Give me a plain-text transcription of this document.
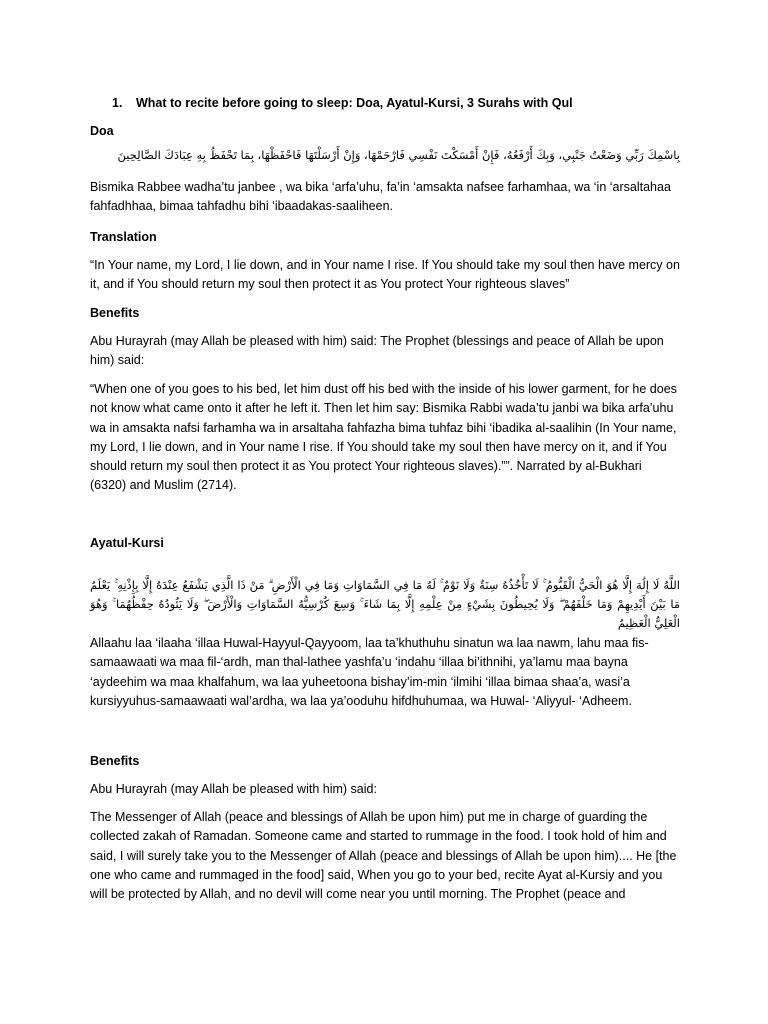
1. What to recite before going to sleep: Doa, Ayatul-Kursi, 3 Surahs with Qul

Doa

بِاسْمِكَ رَبِّي وَضَعْتُ جَنْبِي، وَبِكَ أَرْفَعُهُ، فَإِنْ أَمْسَكْتَ نَفْسِي فَارْحَمْهَا، وَإِنْ أَرْسَلْتَهَا فَاحْفَظْهَا، بِمَا تَحْفَظُ بِهِ عِبَادَكَ الصَّالِحِينَ

Bismika Rabbee wadha’tu janbee , wa bika ‘arfa’uhu, fa’in ‘amsakta nafsee farhamhaa, wa ‘in ‘arsaltahaa fahfadhhaa, bimaa tahfadhu bihi ‘ibaadakas-saaliheen.

Translation

“In Your name, my Lord, I lie down, and in Your name I rise. If You should take my soul then have mercy on it, and if You should return my soul then protect it as You protect Your righteous slaves”

Benefits

Abu Hurayrah (may Allah be pleased with him) said: The Prophet (blessings and peace of Allah be upon him) said:

“When one of you goes to his bed, let him dust off his bed with the inside of his lower garment, for he does not know what came onto it after he left it. Then let him say: Bismika Rabbi wada’tu janbi wa bika arfa’uhu wa in amsakta nafsi farhamha wa in arsaltaha fahfazha bima tuhfaz bihi ‘ibadika al-saalihin (In Your name, my Lord, I lie down, and in Your name I rise. If You should take my soul then have mercy on it, and if You should return my soul then protect it as You protect Your righteous slaves).””. Narrated by al-Bukhari (6320) and Muslim (2714).

Ayatul-Kursi

اللَّهُ لَا إِلَٰهَ إِلَّا هُوَ الْحَيُّ الْقَيُّومُ ۚ لَا تَأْخُذُهُ سِنَةٌ وَلَا نَوْمٌ ۚ لَهُ مَا فِي السَّمَاوَاتِ وَمَا فِي الْأَرْضِ ۗ مَنْ ذَا الَّذِي يَشْفَعُ عِنْدَهُ إِلَّا بِإِذْنِهِ ۚ يَعْلَمُ مَا بَيْنَ أَيْدِيهِمْ وَمَا خَلْفَهُمْ ۖ وَلَا يُحِيطُونَ بِشَيْءٍ مِنْ عِلْمِهِ إِلَّا بِمَا شَاءَ ۚ وَسِعَ كُرْسِيُّهُ السَّمَاوَاتِ وَالْأَرْضَ ۖ وَلَا يَئُودُهُ حِفْظُهُمَا ۚ وَهُوَ الْعَلِيُّ الْعَظِيمُ

Allaahu laa ‘ilaaha ‘illaa Huwal-Hayyul-Qayyoom, laa ta’khuthuhu sinatun wa laa nawm, lahu maa fis-samaawaati wa maa fil-‘ardh, man thal-lathee yashfa’u ‘indahu ‘illaa bi’ithnihi, ya’lamu maa bayna ‘aydeehim wa maa khalfahum, wa laa yuheetoona bishay’im-min ‘ilmihi ‘illaa bimaa shaa’a, wasi’a kursiyyuhus-samaawaati wal’ardha, wa laa ya’ooduhu hifdhuhumaa, wa Huwal- ‘Aliyyul- ‘Adheem.

Benefits

Abu Hurayrah (may Allah be pleased with him) said:

The Messenger of Allah (peace and blessings of Allah be upon him) put me in charge of guarding the collected zakah of Ramadan. Someone came and started to rummage in the food. I took hold of him and said, I will surely take you to the Messenger of Allah (peace and blessings of Allah be upon him).... He [the one who came and rummaged in the food] said, When you go to your bed, recite Ayat al-Kursiy and you will be protected by Allah, and no devil will come near you until morning. The Prophet (peace and
